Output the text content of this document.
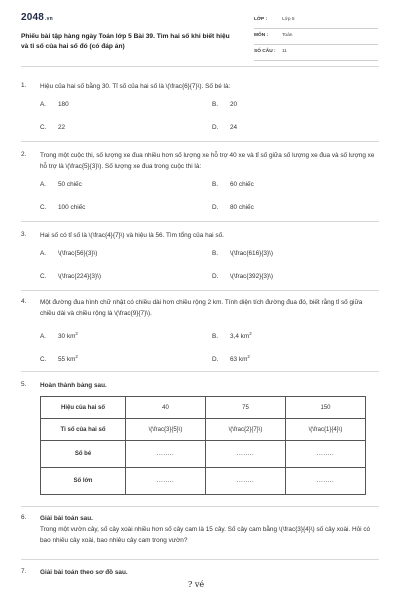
2048.vn
Phiếu bài tập hàng ngày Toán lớp 5 Bài 39. Tìm hai số khi biết hiệu và tỉ số của hai số đó (có đáp án)
LỚP :	Lớp 5
MÔN :	Toán
SỐ CÂU : 11
1. Hiệu của hai số bằng 30. Tỉ số của hai số là \(\frac{6}{7}\). Số bé là:
A. 180	B. 20
C. 22	D. 24
2. Trong một cuộc thi, số lượng xe đua nhiều hơn số lượng xe hỗ trợ 40 xe và tỉ số giữa số lượng xe đua và số lượng xe hỗ trợ là \(\frac{5}{3}\). Số lượng xe đua trong cuộc thi là:
A. 50 chiếc	B. 60 chiếc
C. 100 chiếc	D. 80 chiếc
3. Hai số có tỉ số là \(\frac{4}{7}\) và hiệu là 56. Tìm tổng của hai số.
A. \(\frac{56}{3}\)	B. \(\frac{616}{3}\)
C. \(\frac{224}{3}\)	D. \(\frac{392}{3}\)
4. Một đường đua hình chữ nhật có chiều dài hơn chiều rộng 2 km. Tính diện tích đường đua đó, biết rằng tỉ số giữa chiều dài và chiều rộng là \(\frac{9}{7}\).
A. 30 $km^2$	B. 3,4 $km^2$
C. 55 $km^2$	D. 63 $km^2$
5. Hoàn thành bảng sau.
Hiệu của hai số	40	75	150
Tỉ số của hai số	\(\frac{3}{5}\)	\(\frac{2}{7}\)	\(\frac{1}{4}\)
Số bé	........	........	........
Số lớn	........	........	........
6. Giải bài toán sau.
Trong một vườn cây, số cây xoài nhiều hơn số cây cam là 15 cây. Số cây cam bằng \(\frac{3}{4}\) số cây xoài. Hỏi có bao nhiêu cây xoài, bao nhiêu cây cam trong vườn?
7. Giải bài toán theo sơ đồ sau.
? vé
